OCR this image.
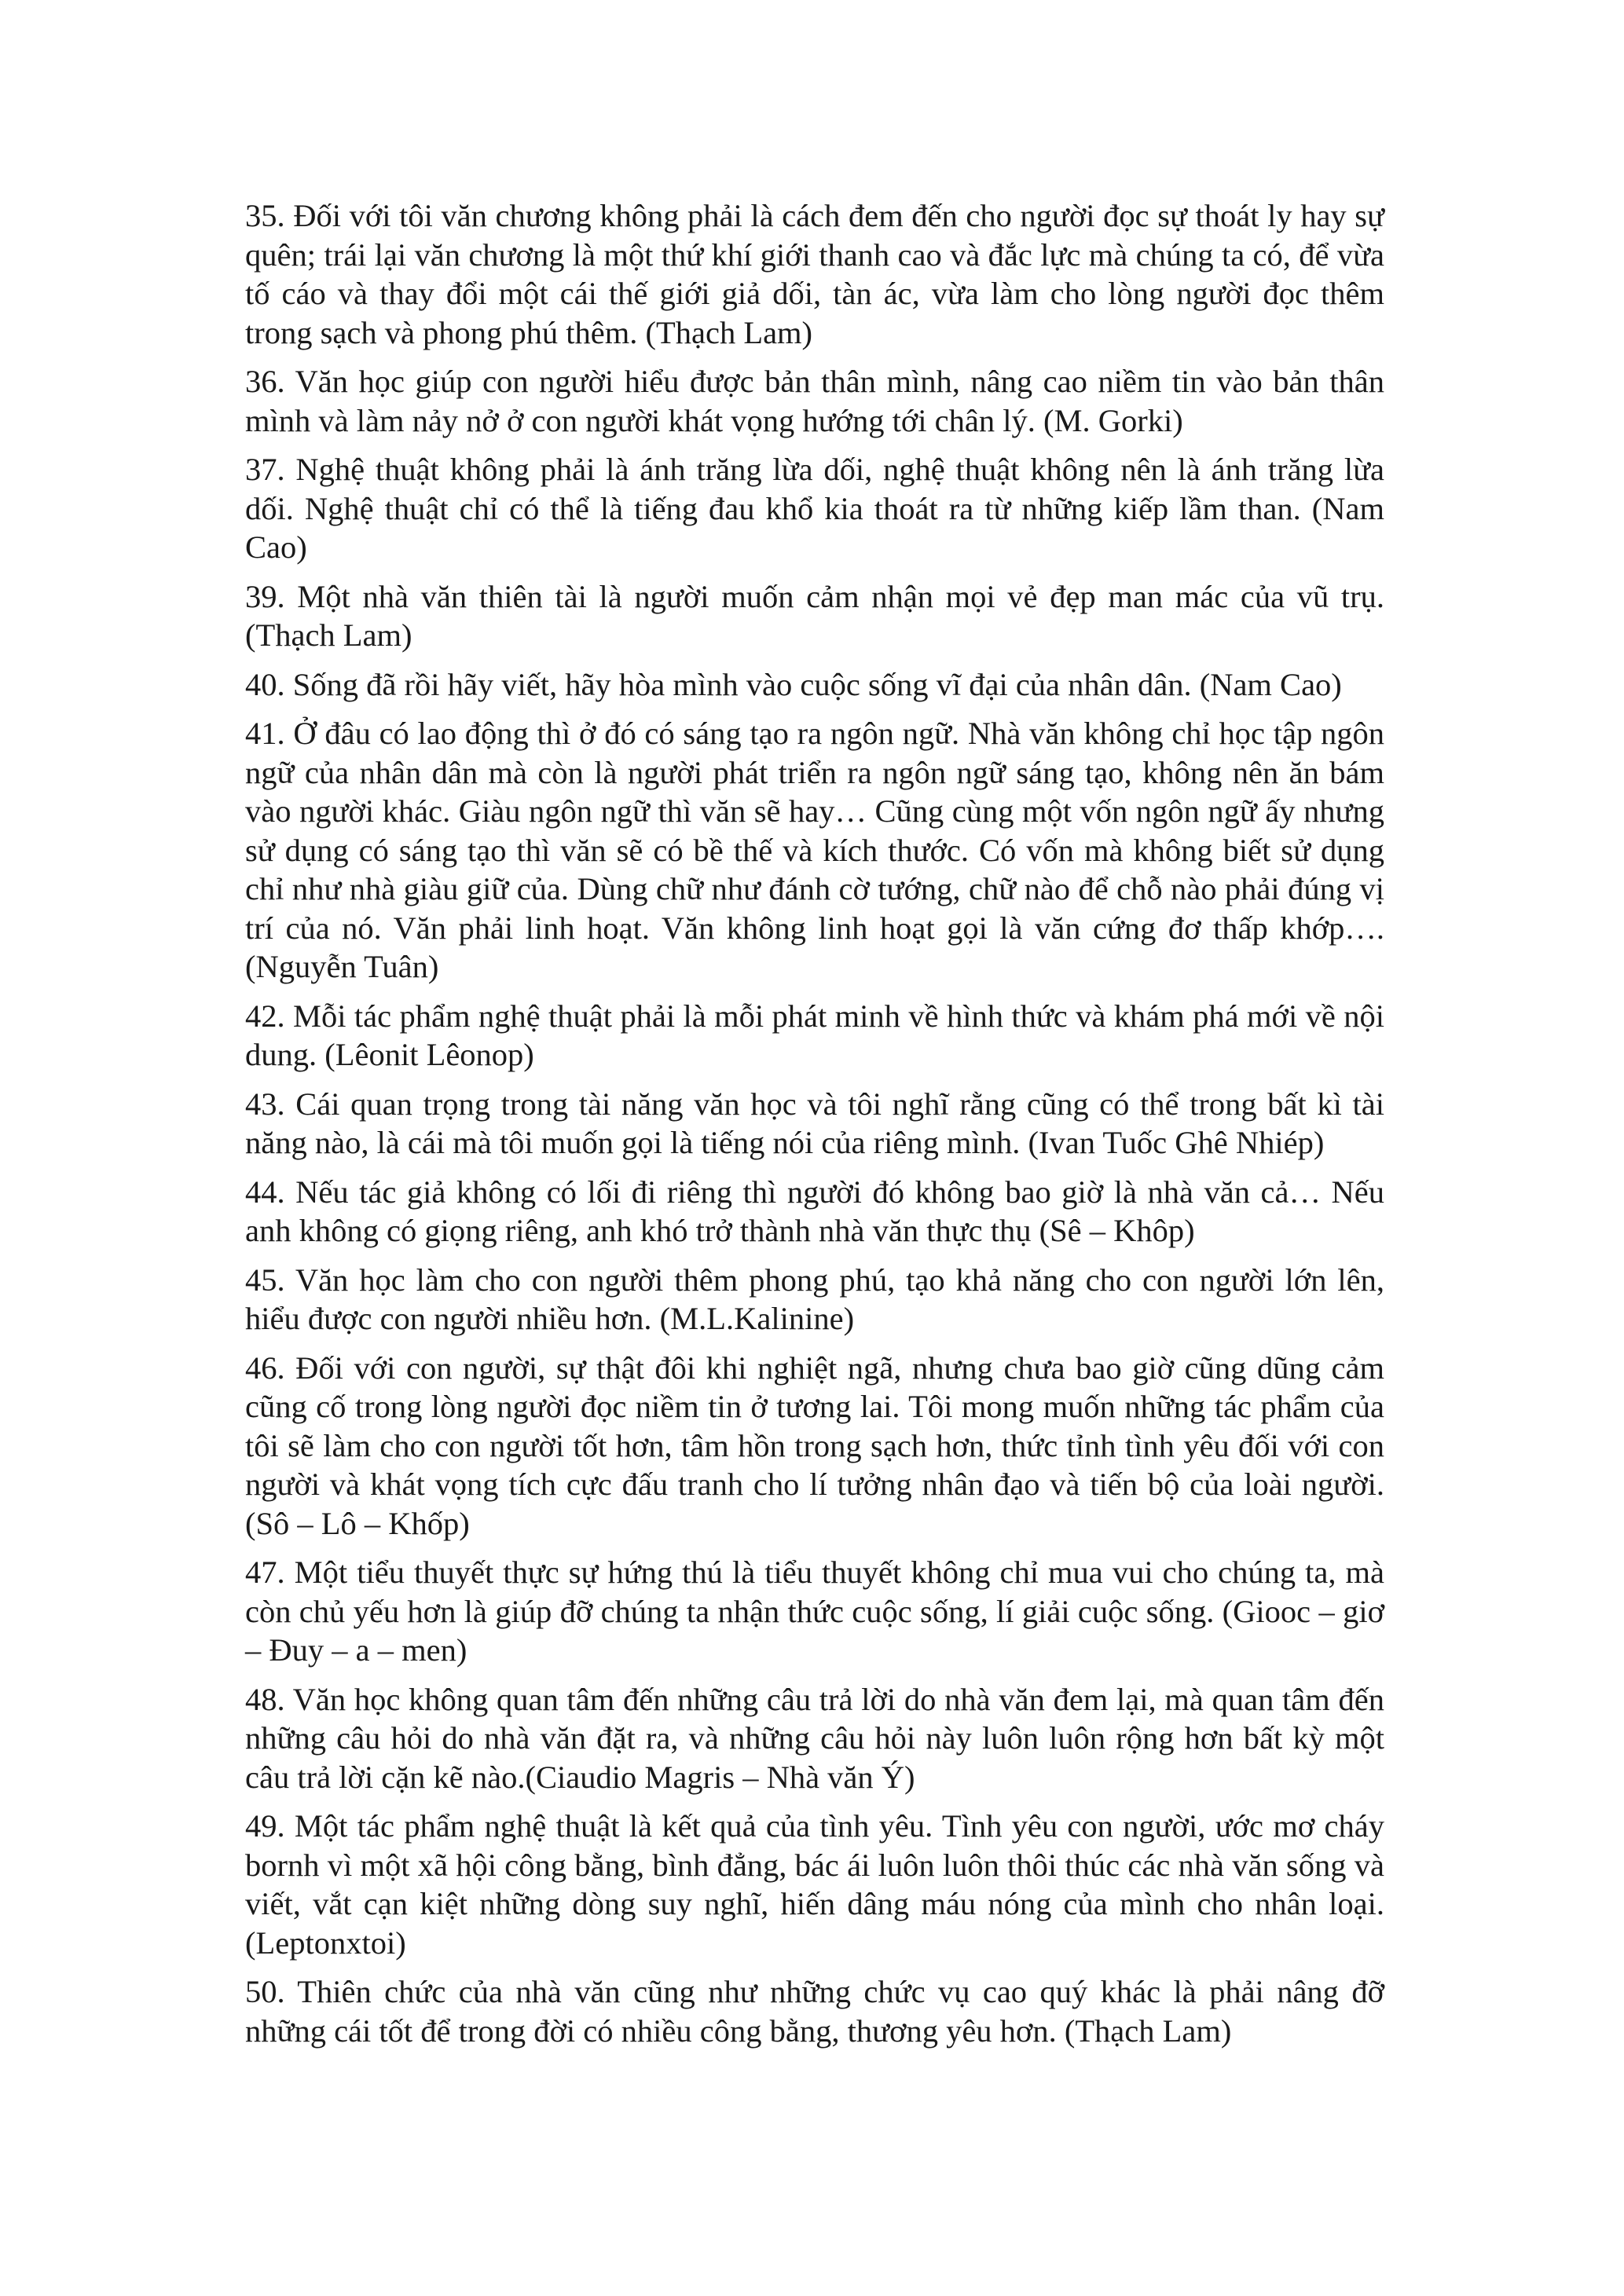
35. Đối với tôi văn chương không phải là cách đem đến cho người đọc sự thoát ly hay sự quên; trái lại văn chương là một thứ khí giới thanh cao và đắc lực mà chúng ta có, để vừa tố cáo và thay đổi một cái thế giới giả dối, tàn ác, vừa làm cho lòng người đọc thêm trong sạch và phong phú thêm. (Thạch Lam)

36. Văn học giúp con người hiểu được bản thân mình, nâng cao niềm tin vào bản thân mình và làm nảy nở ở con người khát vọng hướng tới chân lý. (M. Gorki)

37. Nghệ thuật không phải là ánh trăng lừa dối, nghệ thuật không nên là ánh trăng lừa dối. Nghệ thuật chỉ có thể là tiếng đau khổ kia thoát ra từ những kiếp lầm than. (Nam Cao)

39. Một nhà văn thiên tài là người muốn cảm nhận mọi vẻ đẹp man mác của vũ trụ. (Thạch Lam)

40. Sống đã rồi hãy viết, hãy hòa mình vào cuộc sống vĩ đại của nhân dân. (Nam Cao)

41. Ở đâu có lao động thì ở đó có sáng tạo ra ngôn ngữ. Nhà văn không chỉ học tập ngôn ngữ của nhân dân mà còn là người phát triển ra ngôn ngữ sáng tạo, không nên ăn bám vào người khác. Giàu ngôn ngữ thì văn sẽ hay… Cũng cùng một vốn ngôn ngữ ấy nhưng sử dụng có sáng tạo thì văn sẽ có bề thế và kích thước. Có vốn mà không biết sử dụng chỉ như nhà giàu giữ của. Dùng chữ như đánh cờ tướng, chữ nào để chỗ nào phải đúng vị trí của nó. Văn phải linh hoạt. Văn không linh hoạt gọi là văn cứng đơ thấp khớp…. (Nguyễn Tuân)

42. Mỗi tác phẩm nghệ thuật phải là mỗi phát minh về hình thức và khám phá mới về nội dung. (Lêonit Lêonop)

43. Cái quan trọng trong tài năng văn học và tôi nghĩ rằng cũng có thể trong bất kì tài năng nào, là cái mà tôi muốn gọi là tiếng nói của riêng mình. (Ivan Tuốc Ghê Nhiép)

44. Nếu tác giả không có lối đi riêng thì người đó không bao giờ là nhà văn cả… Nếu anh không có giọng riêng, anh khó trở thành nhà văn thực thụ (Sê – Khôp)

45. Văn học làm cho con người thêm phong phú, tạo khả năng cho con người lớn lên, hiểu được con người nhiều hơn. (M.L.Kalinine)

46. Đối với con người, sự thật đôi khi nghiệt ngã, nhưng chưa bao giờ cũng dũng cảm cũng cố trong lòng người đọc niềm tin ở tương lai. Tôi mong muốn những tác phẩm của tôi sẽ làm cho con người tốt hơn, tâm hồn trong sạch hơn, thức tỉnh tình yêu đối với con người và khát vọng tích cực đấu tranh cho lí tưởng nhân đạo và tiến bộ của loài người. (Sô – Lô – Khốp)

47. Một tiểu thuyết thực sự hứng thú là tiểu thuyết không chỉ mua vui cho chúng ta, mà còn chủ yếu hơn là giúp đỡ chúng ta nhận thức cuộc sống, lí giải cuộc sống. (Giooc – giơ – Đuy – a – men)

48. Văn học không quan tâm đến những câu trả lời do nhà văn đem lại, mà quan tâm đến những câu hỏi do nhà văn đặt ra, và những câu hỏi này luôn luôn rộng hơn bất kỳ một câu trả lời cặn kẽ nào.(Ciaudio Magris – Nhà văn Ý)

49. Một tác phẩm nghệ thuật là kết quả của tình yêu. Tình yêu con người, ước mơ cháy bornh vì một xã hội công bằng, bình đẳng, bác ái luôn luôn thôi thúc các nhà văn sống và viết, vắt cạn kiệt những dòng suy nghĩ, hiến dâng máu nóng của mình cho nhân loại. (Leptonxtoi)

50. Thiên chức của nhà văn cũng như những chức vụ cao quý khác là phải nâng đỡ những cái tốt để trong đời có nhiều công bằng, thương yêu hơn. (Thạch Lam)
